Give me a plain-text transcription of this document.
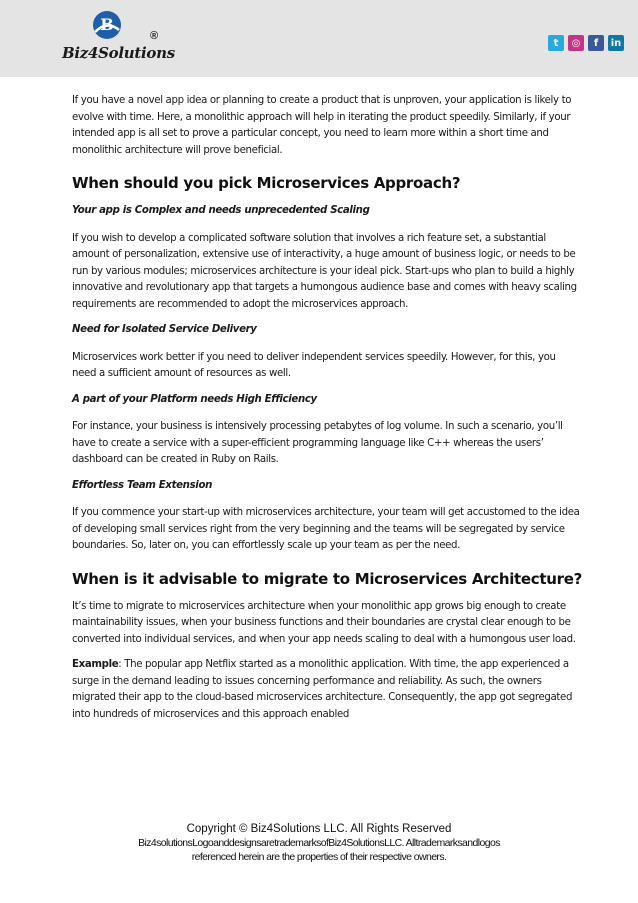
B
Biz4Solutions
®
t	◎	f	in

If you have a novel app idea or planning to create a product that is unproven, your application is likely to evolve with time. Here, a monolithic approach will help in iterating the product speedily. Similarly, if your intended app is all set to prove a particular concept, you need to learn more within a short time and monolithic architecture will prove beneficial.

When should you pick Microservices Approach?

Your app is Complex and needs unprecedented Scaling

If you wish to develop a complicated software solution that involves a rich feature set, a substantial amount of personalization, extensive use of interactivity, a huge amount of business logic, or needs to be run by various modules; microservices architecture is your ideal pick. Start-ups who plan to build a highly innovative and revolutionary app that targets a humongous audience base and comes with heavy scaling requirements are recommended to adopt the microservices approach.

Need for Isolated Service Delivery

Microservices work better if you need to deliver independent services speedily. However, for this, you need a sufficient amount of resources as well.

A part of your Platform needs High Efficiency

For instance, your business is intensively processing petabytes of log volume. In such a scenario, you’ll have to create a service with a super-efficient programming language like C++ whereas the users’ dashboard can be created in Ruby on Rails.

Effortless Team Extension

If you commence your start-up with microservices architecture, your team will get accustomed to the idea of developing small services right from the very beginning and the teams will be segregated by service boundaries. So, later on, you can effortlessly scale up your team as per the need.

When is it advisable to migrate to Microservices Architecture?

It’s time to migrate to microservices architecture when your monolithic app grows big enough to create maintainability issues, when your business functions and their boundaries are crystal clear enough to be converted into individual services, and when your app needs scaling to deal with a humongous user load.

Example: The popular app Netflix started as a monolithic application. With time, the app experienced a surge in the demand leading to issues concerning performance and reliability. As such, the owners migrated their app to the cloud-based microservices architecture. Consequently, the app got segregated into hundreds of microservices and this approach enabled

Copyright © Biz4Solutions LLC. All Rights Reserved
Biz4solutionsLogoanddesignsaretrademarksofBiz4SolutionsLLC. Alltrademarksandlogos
referenced herein are the properties of their respective owners.
